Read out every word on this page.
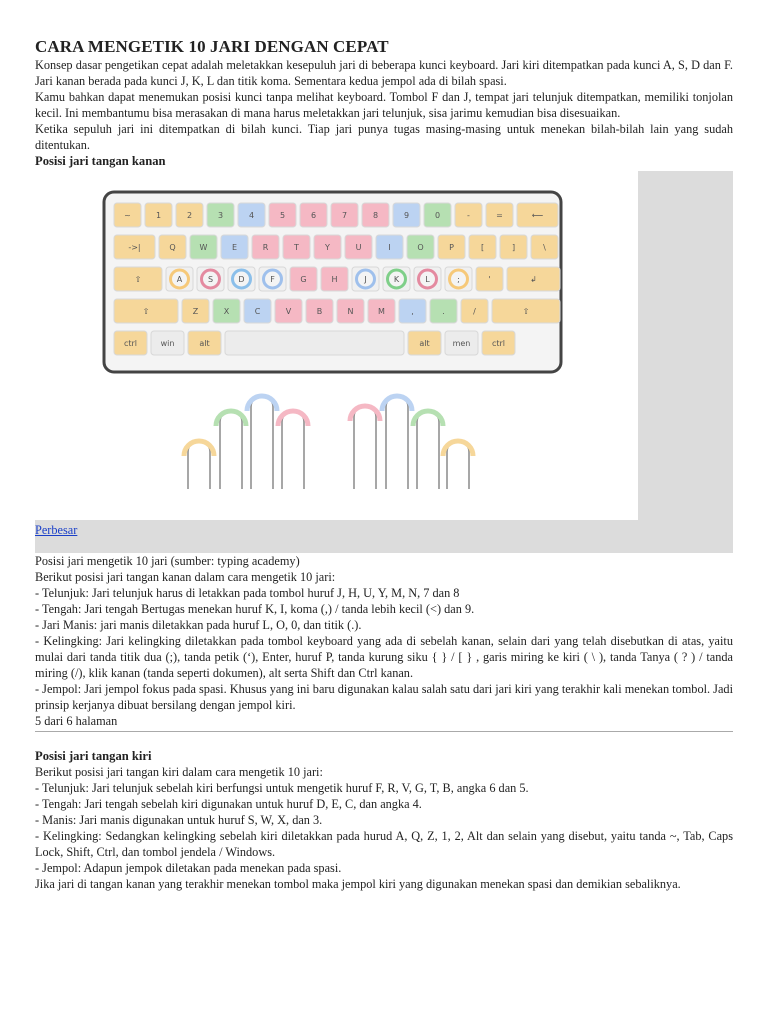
CARA MENGETIK 10 JARI DENGAN CEPAT

Konsep dasar pengetikan cepat adalah meletakkan kesepuluh jari di beberapa kunci keyboard. Jari kiri ditempatkan pada kunci A, S, D dan F. Jari kanan berada pada kunci J, K, L dan titik koma. Sementara kedua jempol ada di bilah spasi.

Kamu bahkan dapat menemukan posisi kunci tanpa melihat keyboard. Tombol F dan J, tempat jari telunjuk ditempatkan, memiliki tonjolan kecil. Ini membantumu bisa merasakan di mana harus meletakkan jari telunjuk, sisa jarimu kemudian bisa disesuaikan.

Ketika sepuluh jari ini ditempatkan di bilah kunci. Tiap jari punya tugas masing-masing untuk menekan bilah-bilah lain yang sudah ditentukan.

Posisi jari tangan kanan
~	1	2	3	4	5	6	7	8	9	0	-	=	⟵
->|	Q	W	E	R	T	Y	U	I	O	P	[	]	\
⇧	A	S	D	F	G	H	J	K	L	;	'	↲
⇧	Z	X	C	V	B	N	M	,	.	/	⇧
ctrl	win	alt	alt	men	ctrl
Perbesar

Posisi jari mengetik 10 jari (sumber: typing academy)

Berikut posisi jari tangan kanan dalam cara mengetik 10 jari:

- Telunjuk: Jari telunjuk harus di letakkan pada tombol huruf J, H, U, Y, M, N, 7 dan 8

- Tengah: Jari tengah Bertugas menekan huruf K, I, koma (,) / tanda lebih kecil (<) dan 9.

- Jari Manis: jari manis diletakkan pada huruf L, O, 0, dan titik (.).

- Kelingking: Jari kelingking diletakkan pada tombol keyboard yang ada di sebelah kanan, selain dari yang telah disebutkan di atas, yaitu mulai dari tanda titik dua (;), tanda petik (‘), Enter, huruf P, tanda kurung siku { } / [ } , garis miring ke kiri ( \ ), tanda Tanya ( ? ) / tanda miring (/), klik kanan (tanda seperti dokumen), alt serta Shift dan Ctrl kanan.

- Jempol: Jari jempol fokus pada spasi. Khusus yang ini baru digunakan kalau salah satu dari jari kiri yang terakhir kali menekan tombol. Jadi prinsip kerjanya dibuat bersilang dengan jempol kiri.

5 dari 6 halaman
Posisi jari tangan kiri

Berikut posisi jari tangan kiri dalam cara mengetik 10 jari:

- Telunjuk: Jari telunjuk sebelah kiri berfungsi untuk mengetik huruf F, R, V, G, T, B, angka 6 dan 5.

- Tengah: Jari tengah sebelah kiri digunakan untuk huruf D, E, C, dan angka 4.

- Manis: Jari manis digunakan untuk huruf S, W, X, dan 3.

- Kelingking: Sedangkan kelingking sebelah kiri diletakkan pada hurud A, Q, Z, 1, 2, Alt dan selain yang disebut, yaitu tanda ~, Tab, Caps Lock, Shift, Ctrl, dan tombol jendela / Windows.

- Jempol: Adapun jempok diletakan pada menekan pada spasi.

Jika jari di tangan kanan yang terakhir menekan tombol maka jempol kiri yang digunakan menekan spasi dan demikian sebaliknya.
